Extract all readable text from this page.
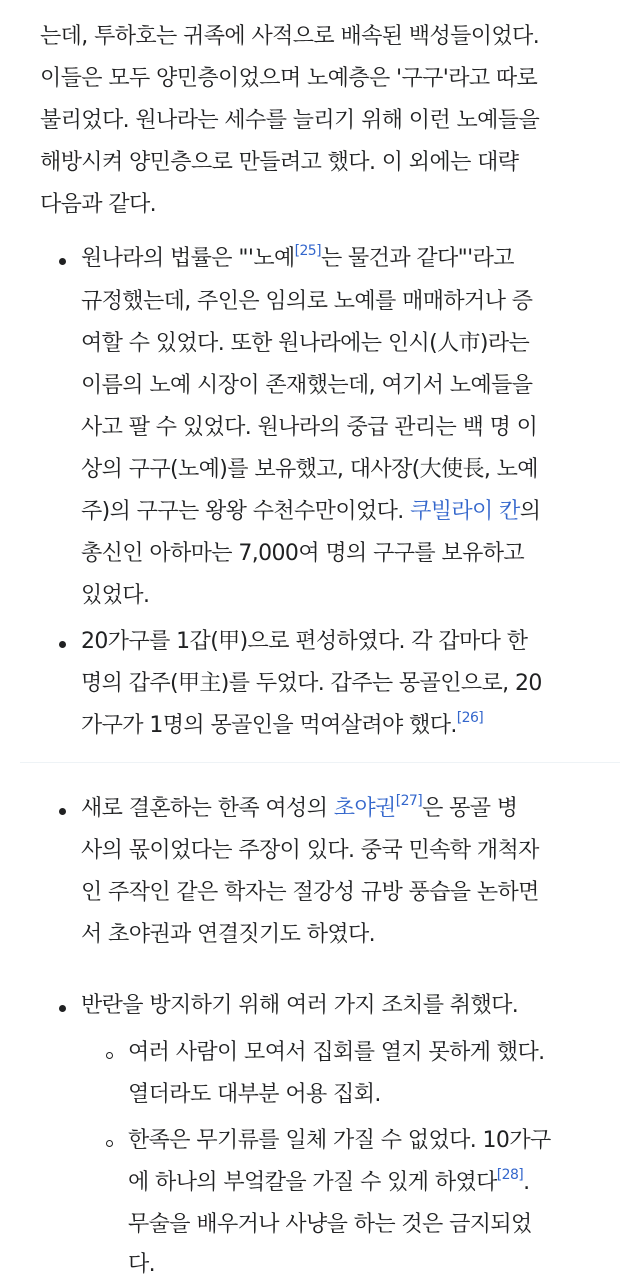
는데, 투하호는 귀족에 사적으로 배속된 백성들이었다.
이들은 모두 양민층이었으며 노예층은 '구구'라고 따로
불리었다. 원나라는 세수를 늘리기 위해 이런 노예들을
해방시켜 양민층으로 만들려고 했다. 이 외에는 대략
다음과 같다.
원나라의 법률은 "'노예[25]는 물건과 같다"'라고
규정했는데, 주인은 임의로 노예를 매매하거나 증
여할 수 있었다. 또한 원나라에는 인시(人市)라는
이름의 노예 시장이 존재했는데, 여기서 노예들을
사고 팔 수 있었다. 원나라의 중급 관리는 백 명 이
상의 구구(노예)를 보유했고, 대사장(大使長, 노예
주)의 구구는 왕왕 수천수만이었다. 쿠빌라이 칸의
총신인 아하마는 7,000여 명의 구구를 보유하고
있었다.
20가구를 1갑(甲)으로 편성하였다. 각 갑마다 한
명의 갑주(甲主)를 두었다. 갑주는 몽골인으로, 20
가구가 1명의 몽골인을 먹여살려야 했다.[26]
새로 결혼하는 한족 여성의 초야권[27]은 몽골 병
사의 몫이었다는 주장이 있다. 중국 민속학 개척자
인 주작인 같은 학자는 절강성 규방 풍습을 논하면
서 초야권과 연결짓기도 하였다.
반란을 방지하기 위해 여러 가지 조치를 취했다.
여러 사람이 모여서 집회를 열지 못하게 했다.
열더라도 대부분 어용 집회.
한족은 무기류를 일체 가질 수 없었다. 10가구
에 하나의 부엌칼을 가질 수 있게 하였다[28].
무술을 배우거나 사냥을 하는 것은 금지되었
다.
